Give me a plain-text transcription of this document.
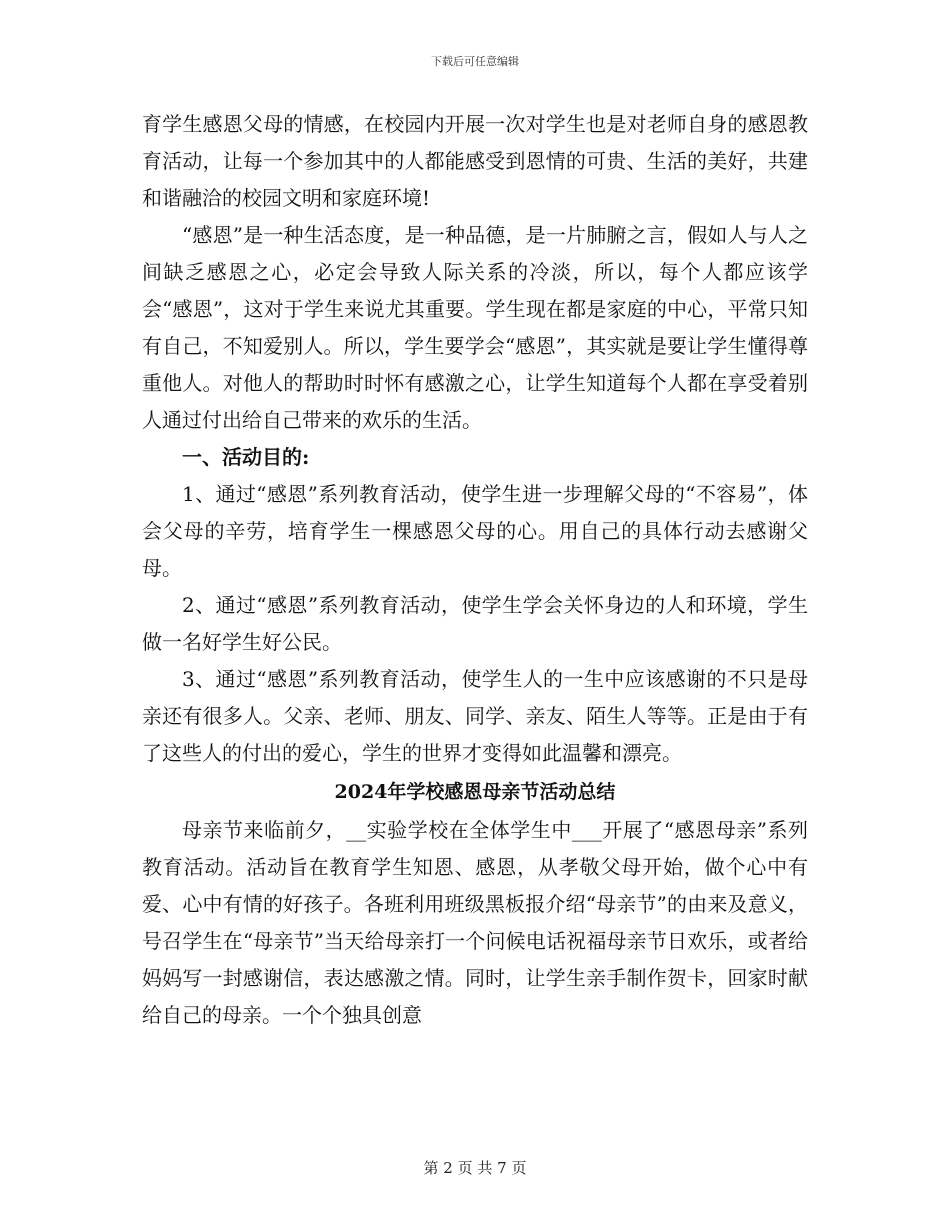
下载后可任意编辑

育学生感恩父母的情感，在校园内开展一次对学生也是对老师自身的感恩教育活动，让每一个参加其中的人都能感受到恩情的可贵、生活的美好，共建和谐融洽的校园文明和家庭环境!

“感恩”是一种生活态度，是一种品德，是一片肺腑之言，假如人与人之间缺乏感恩之心，必定会导致人际关系的冷淡，所以，每个人都应该学会“感恩”，这对于学生来说尤其重要。学生现在都是家庭的中心，平常只知有自己，不知爱别人。所以，学生要学会“感恩”，其实就是要让学生懂得尊重他人。对他人的帮助时时怀有感激之心，让学生知道每个人都在享受着别人通过付出给自己带来的欢乐的生活。

一、活动目的:

1、通过“感恩”系列教育活动，使学生进一步理解父母的“不容易”，体会父母的辛劳，培育学生一棵感恩父母的心。用自己的具体行动去感谢父母。

2、通过“感恩”系列教育活动，使学生学会关怀身边的人和环境，学生做一名好学生好公民。

3、通过“感恩”系列教育活动，使学生人的一生中应该感谢的不只是母亲还有很多人。父亲、老师、朋友、同学、亲友、陌生人等等。正是由于有了这些人的付出的爱心，学生的世界才变得如此温馨和漂亮。

2024年学校感恩母亲节活动总结

母亲节来临前夕，__实验学校在全体学生中___开展了“感恩母亲”系列教育活动。活动旨在教育学生知恩、感恩，从孝敬父母开始，做个心中有爱、心中有情的好孩子。各班利用班级黑板报介绍“母亲节”的由来及意义，号召学生在“母亲节”当天给母亲打一个问候电话祝福母亲节日欢乐，或者给妈妈写一封感谢信，表达感激之情。同时，让学生亲手制作贺卡，回家时献给自己的母亲。一个个独具创意

第 2 页 共 7 页
